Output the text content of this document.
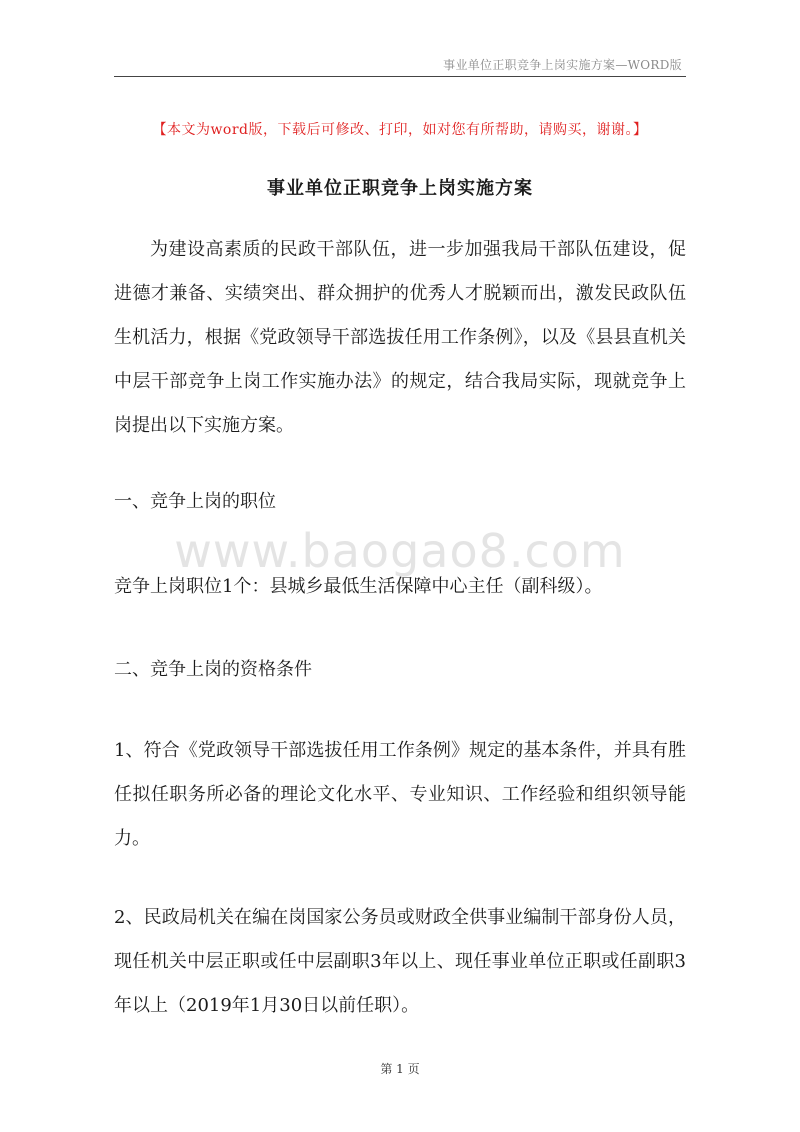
事业单位正职竞争上岗实施方案—WORD版
【本文为word版，下载后可修改、打印，如对您有所帮助，请购买，谢谢。】
事业单位正职竞争上岗实施方案

为建设高素质的民政干部队伍，进一步加强我局干部队伍建设，促进德才兼备、实绩突出、群众拥护的优秀人才脱颖而出，激发民政队伍生机活力，根据《党政领导干部选拔任用工作条例》，以及《县县直机关中层干部竞争上岗工作实施办法》的规定，结合我局实际，现就竞争上岗提出以下实施方案。

一、竞争上岗的职位

www.baogao8.com

竞争上岗职位1个：县城乡最低生活保障中心主任（副科级）。

二、竞争上岗的资格条件

1、符合《党政领导干部选拔任用工作条例》规定的基本条件，并具有胜任拟任职务所必备的理论文化水平、专业知识、工作经验和组织领导能力。

2、民政局机关在编在岗国家公务员或财政全供事业编制干部身份人员，现任机关中层正职或任中层副职3年以上、现任事业单位正职或任副职3年以上（2019年1月30日以前任职）。

第 1 页
